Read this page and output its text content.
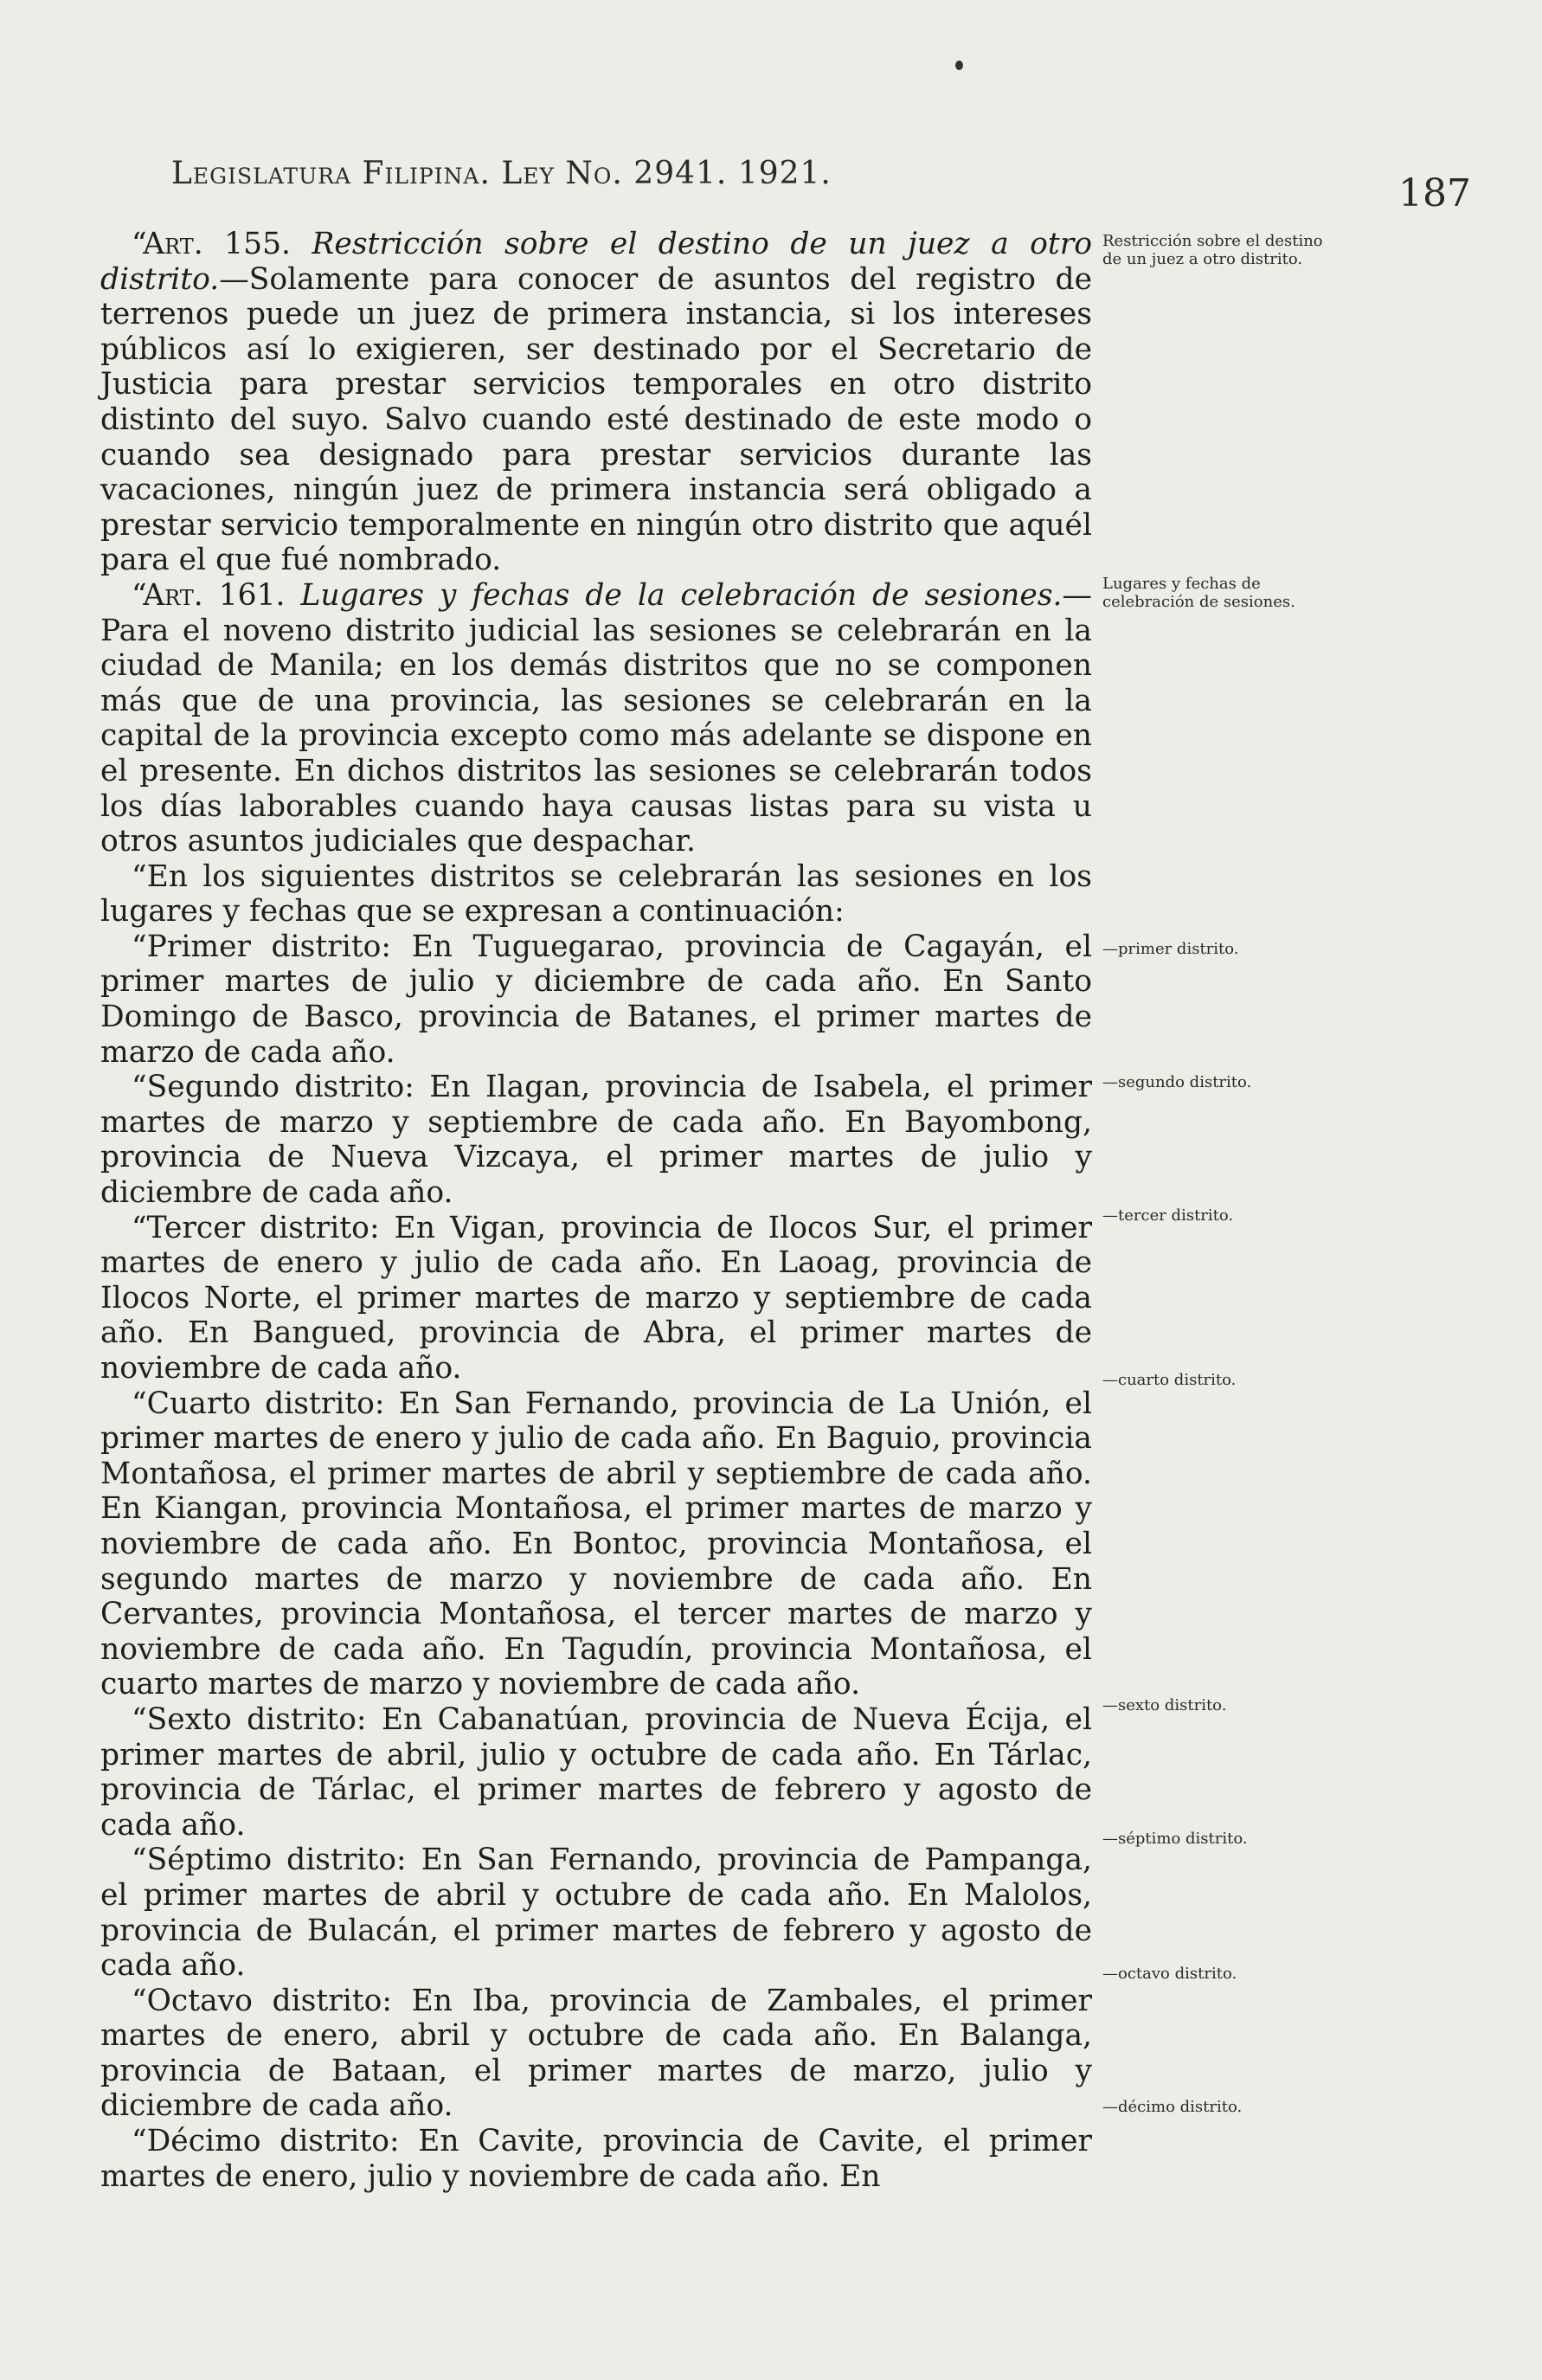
Legislatura Filipina. Ley No. 2941. 1921.	187

“Art. 155. Restricción sobre el destino de un juez a otro distrito.—Solamente para conocer de asuntos del registro de terrenos puede un juez de primera instancia, si los intereses públicos así lo exigieren, ser destinado por el Secretario de Justicia para prestar servicios temporales en otro distrito distinto del suyo. Salvo cuando esté destinado de este modo o cuando sea designado para prestar servicios durante las vacaciones, ningún juez de primera instancia será obligado a prestar servicio temporalmente en ningún otro distrito que aquél para el que fué nombrado.

“Art. 161. Lugares y fechas de la celebración de sesiones.—Para el noveno distrito judicial las sesiones se celebrarán en la ciudad de Manila; en los demás distritos que no se componen más que de una provincia, las sesiones se celebrarán en la capital de la provincia excepto como más adelante se dispone en el presente. En dichos distritos las sesiones se celebrarán todos los días laborables cuando haya causas listas para su vista u otros asuntos judiciales que despachar.

“En los siguientes distritos se celebrarán las sesiones en los lugares y fechas que se expresan a continuación:

“Primer distrito: En Tuguegarao, provincia de Cagayán, el primer martes de julio y diciembre de cada año. En Santo Domingo de Basco, provincia de Batanes, el primer martes de marzo de cada año.

“Segundo distrito: En Ilagan, provincia de Isabela, el primer martes de marzo y septiembre de cada año. En Bayombong, provincia de Nueva Vizcaya, el primer martes de julio y diciembre de cada año.

“Tercer distrito: En Vigan, provincia de Ilocos Sur, el primer martes de enero y julio de cada año. En Laoag, provincia de Ilocos Norte, el primer martes de marzo y septiembre de cada año. En Bangued, provincia de Abra, el primer martes de noviembre de cada año.

“Cuarto distrito: En San Fernando, provincia de La Unión, el primer martes de enero y julio de cada año. En Baguio, provincia Montañosa, el primer martes de abril y septiembre de cada año. En Kiangan, provincia Montañosa, el primer martes de marzo y noviembre de cada año. En Bontoc, provincia Montañosa, el segundo martes de marzo y noviembre de cada año. En Cervantes, provincia Montañosa, el tercer martes de marzo y noviembre de cada año. En Tagudín, provincia Montañosa, el cuarto martes de marzo y noviembre de cada año.

“Sexto distrito: En Cabanatúan, provincia de Nueva Écija, el primer martes de abril, julio y octubre de cada año. En Tárlac, provincia de Tárlac, el primer martes de febrero y agosto de cada año.

“Séptimo distrito: En San Fernando, provincia de Pampanga, el primer martes de abril y octubre de cada año. En Malolos, provincia de Bulacán, el primer martes de febrero y agosto de cada año.

“Octavo distrito: En Iba, provincia de Zambales, el primer martes de enero, abril y octubre de cada año. En Balanga, provincia de Bataan, el primer martes de marzo, julio y diciembre de cada año.

“Décimo distrito: En Cavite, provincia de Cavite, el primer martes de enero, julio y noviembre de cada año. En

Restricción sobre el destino de un juez a otro distrito.
Lugares y fechas de celebración de sesiones.
—primer distrito.
—segundo distrito.
—tercer distrito.
—cuarto distrito.
—sexto distrito.
—séptimo distrito.
—octavo distrito.
—décimo distrito.
